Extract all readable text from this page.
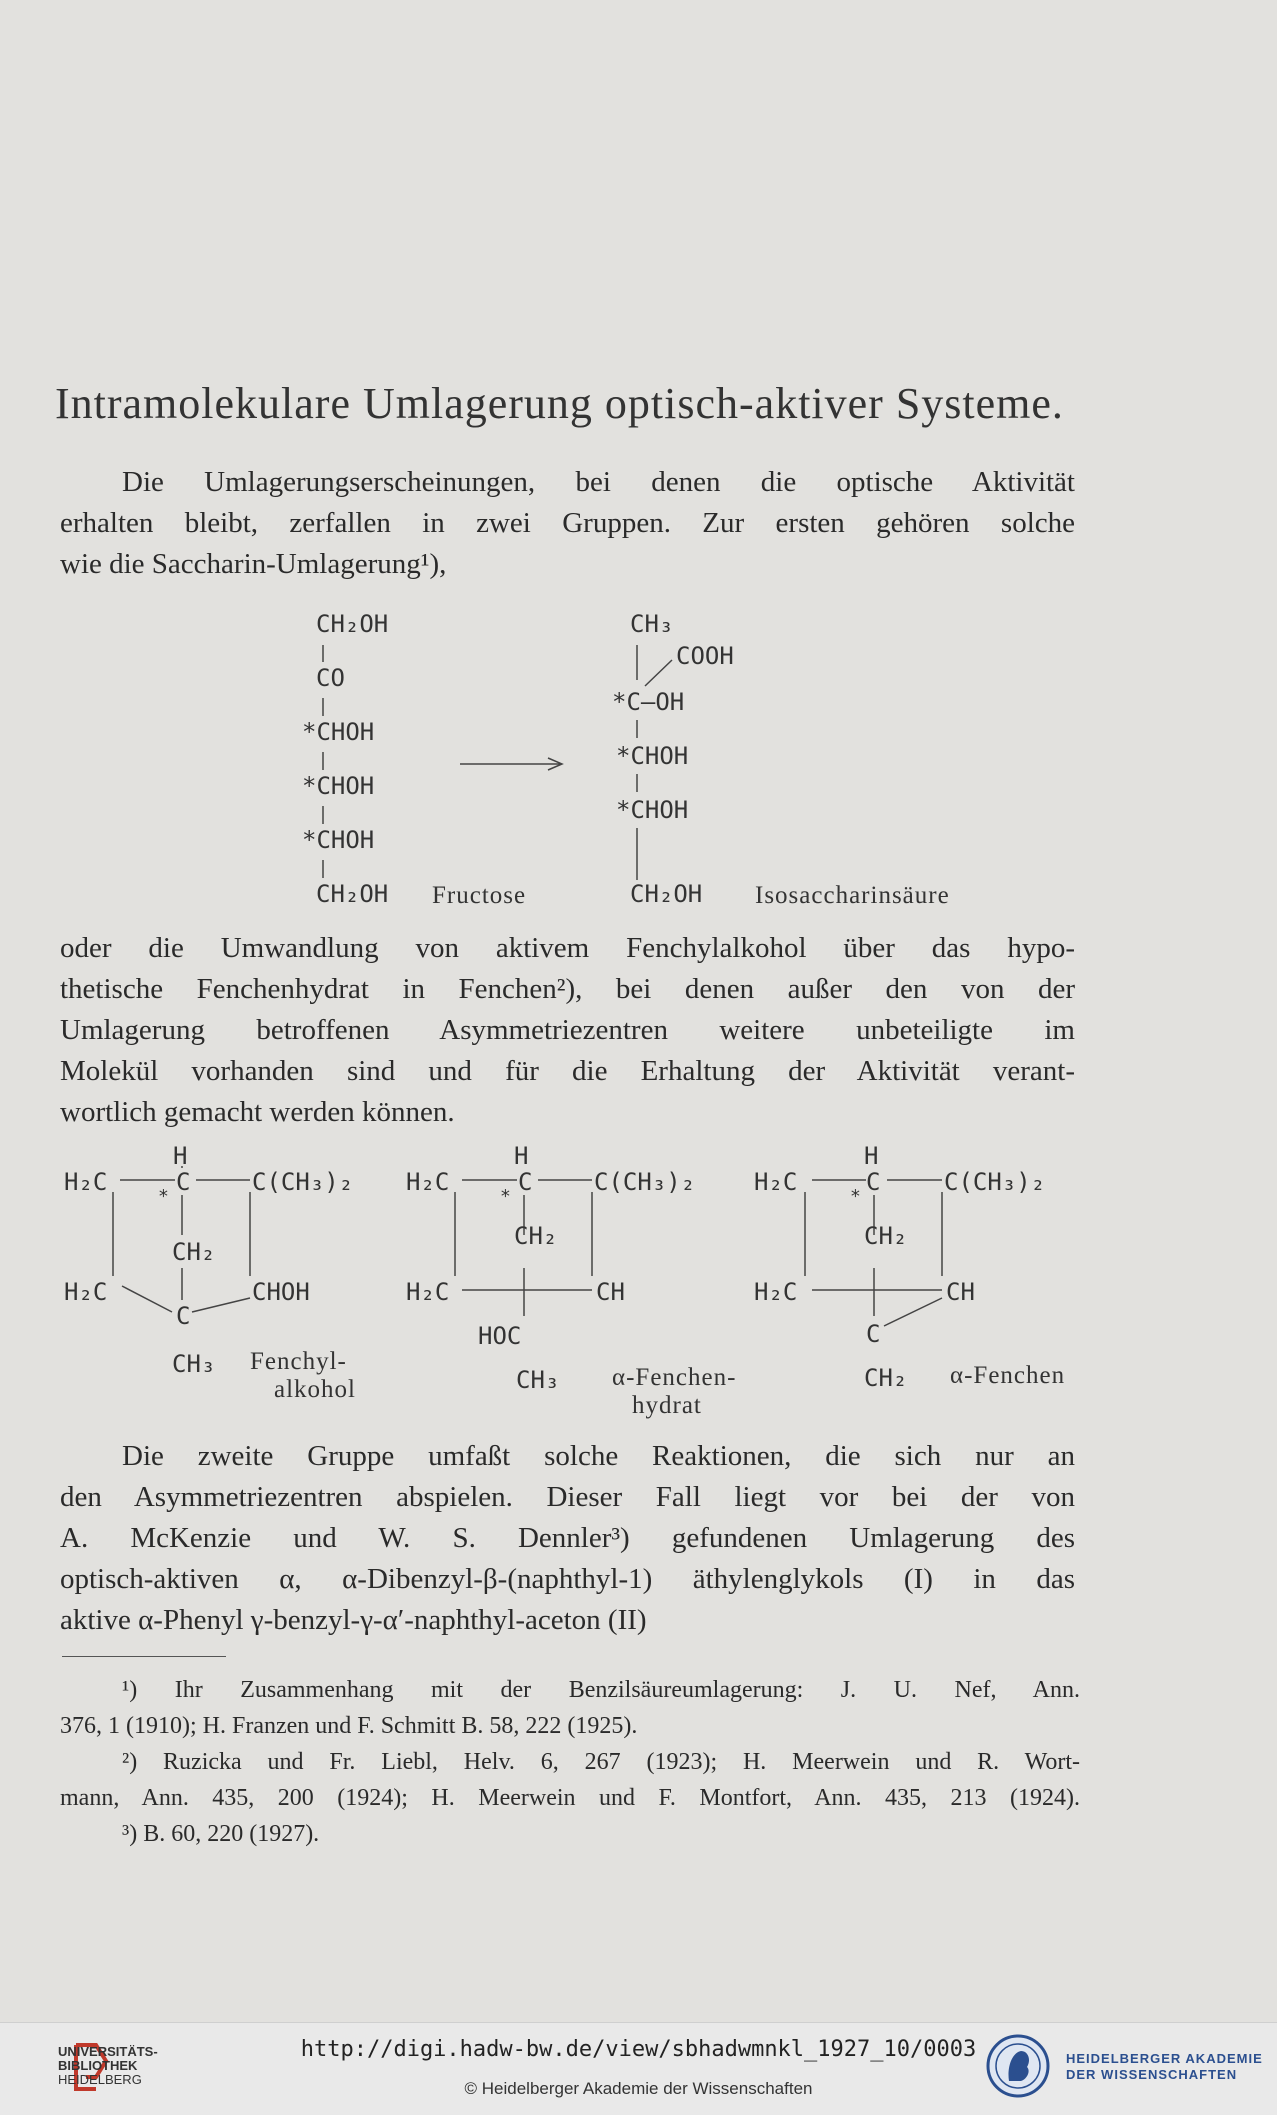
Intramolekulare Umlagerung optisch-aktiver Systeme.
Die Umlagerungserscheinungen, bei denen die optische Aktivität
erhalten bleibt, zerfallen in zwei Gruppen. Zur ersten gehören solche
wie die Saccharin-Umlagerung¹),
CH₂OH
CO
*CHOH
*CHOH
*CHOH
CH₂OH Fructose
CH₃
COOH
*C—OH
*CHOH
*CHOH
CH₂OH Isosaccharinsäure
oder die Umwandlung von aktivem Fenchylalkohol über das hypo-
thetische Fenchenhydrat in Fenchen²), bei denen außer den von der
Umlagerung betroffenen Asymmetriezentren weitere unbeteiligte im
Molekül vorhanden sind und für die Erhaltung der Aktivität verant-
wortlich gemacht werden können.
H
H₂C	C	C(CH₃)₂
*
CH₂
H₂C	CHOH
C
CH₃ Fenchyl-
alkohol
H
H₂C	C	C(CH₃)₂
*
CH₂
H₂C	CH
HOC
CH₃ α-Fenchen-
hydrat
H
H₂C	C	C(CH₃)₂
*
CH₂
H₂C	CH
C
CH₂ α-Fenchen
Die zweite Gruppe umfaßt solche Reaktionen, die sich nur an
den Asymmetriezentren abspielen. Dieser Fall liegt vor bei der von
A. McKenzie und W. S. Dennler³) gefundenen Umlagerung des
optisch-aktiven α, α-Dibenzyl-β-(naphthyl-1) äthylenglykols (I) in das
aktive α-Phenyl γ-benzyl-γ-α′-naphthyl-aceton (II)
¹) Ihr Zusammenhang mit der Benzilsäureumlagerung: J. U. Nef, Ann.
376, 1 (1910); H. Franzen und F. Schmitt B. 58, 222 (1925).
²) Ruzicka und Fr. Liebl, Helv. 6, 267 (1923); H. Meerwein und R. Wort-
mann, Ann. 435, 200 (1924); H. Meerwein und F. Montfort, Ann. 435, 213 (1924).
³) B. 60, 220 (1927).
UNIVERSITÄTS-
BIBLIOTHEK
HEIDELBERG
http://digi.hadw-bw.de/view/sbhadwmnkl_1927_10/0003
© Heidelberger Akademie der Wissenschaften
HEIDELBERGER AKADEMIE
DER WISSENSCHAFTEN
